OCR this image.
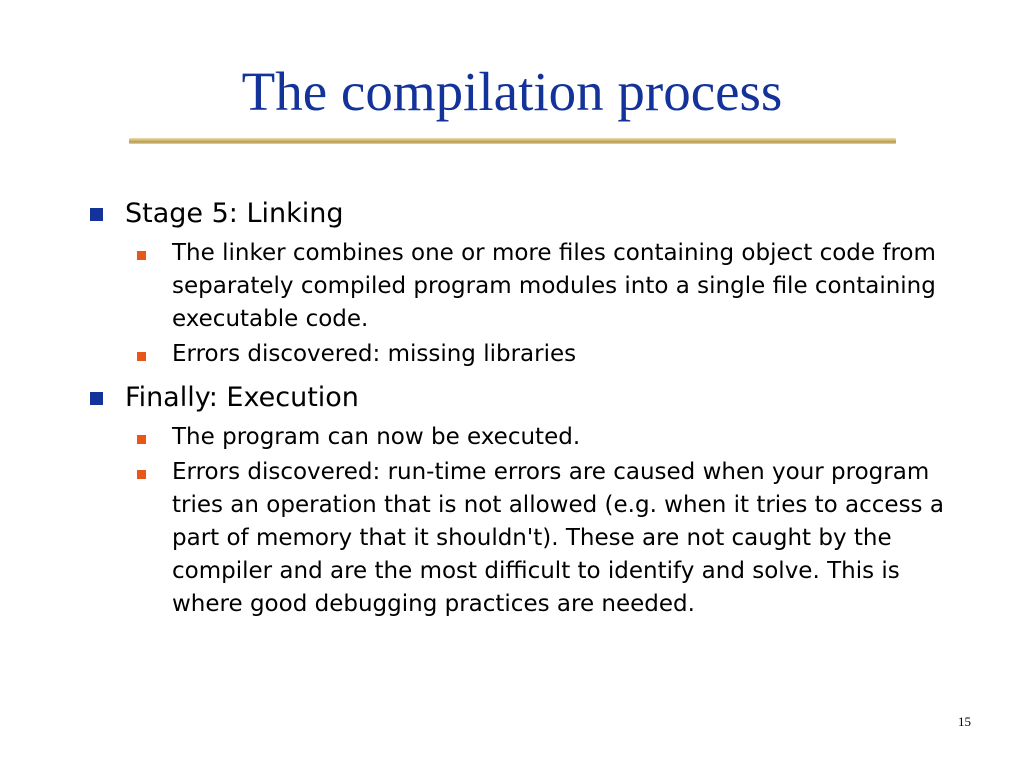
The compilation process

Stage 5: Linking

The linker combines one or more files containing object code from separately compiled program modules into a single file containing executable code.

Errors discovered: missing libraries

Finally: Execution

The program can now be executed.

Errors discovered: run-time errors are caused when your program tries an operation that is not allowed (e.g. when it tries to access a part of memory that it shouldn't). These are not caught by the compiler and are the most difficult to identify and solve. This is where good debugging practices are needed.

15
